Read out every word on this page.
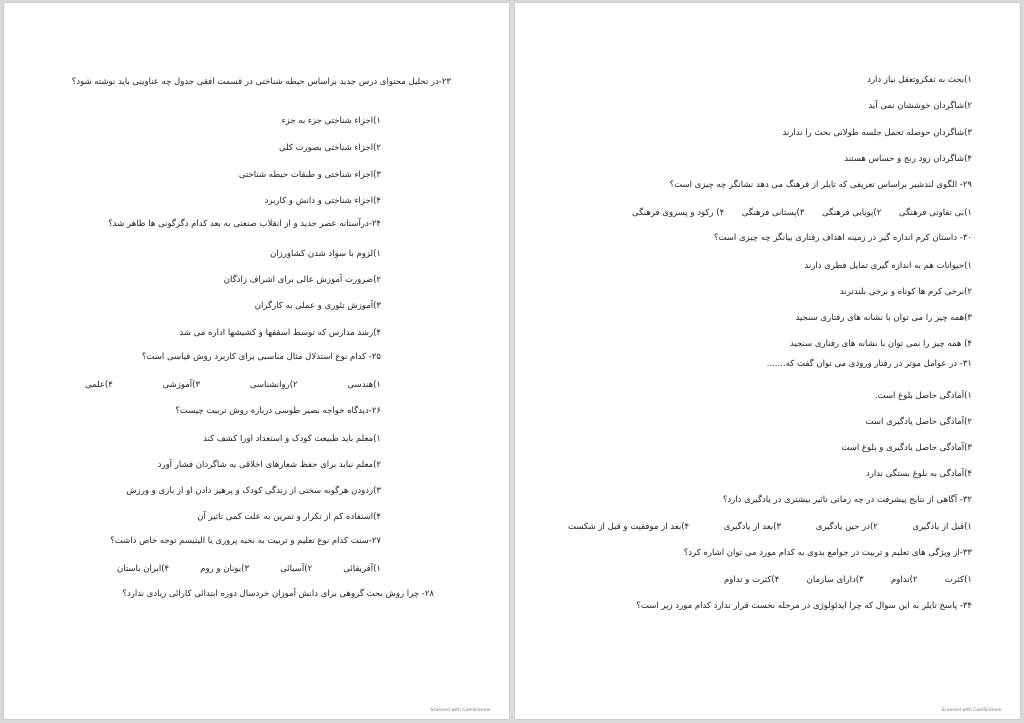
۲۳-در تحلیل محتوای درس جدید براساس حیطه شناختی در قسمت افقی جدول چه عناوینی باید نوشته شود؟
۱)اجزاء شناختی جزء به جزء
۲)اجزاء شناختی بصورت کلی
۳)اجزاء شناختی و طبقات حیطه شناختی
۴)اجزاء شناختی و دانش و کاربرد
۲۴-درآستانه عصر جدید و از انقلاب صنعتی به بعد کدام دگرگونی ها ظاهر شد؟
۱)لزوم با سواد شدن کشاورزان
۲)ضرورت آموزش عالی برای اشراف زادگان
۳)آموزش تئوری و عملی به کارگران
۴)رشد مدارس که توسط اسقفها و کشیشها اداره می شد
۲۵- کدام نوع استدلال مثال مناسبی برای کاربرد روش قیاسی است؟
۱)هندسی
۲)روانشناسی
۳)آموزشی
۴)علمی
۲۶-دیدگاه خواجه نصیر طوسی درباره روش تربیت چیست؟
۱)معلم باید طبیعت کودک و استعداد اورا کشف کند
۲)معلم نباید برای حفظ شعارهای اخلاقی به شاگردان فشار آورد
۳)زدودن هرگونه سختی از زندگی کودک و پرهیز دادن او از بازی و ورزش
۴)استفاده کم از تکرار و تمرین به علت کمی تاثیر آن
۲۷-سنت کدام نوع تعلیم و تربیت به نخبه پروری یا الیتیسم توجه خاص داشت؟
۱)آفریقائی
۲)آسیائی
۳)یونان و روم
۴)ایران باستان
۲۸- چرا روش بحث گروهی برای دانش آموزان خردسال دوره ابتدائی کارائی زیادی ندارد؟
Scanned with CamScanner
۱)بحث به تفکروتعقل نیاز دارد
۲)شاگردان خوششان نمی آید
۳)شاگردان حوصله تحمل جلسه طولانی بحث را ندارند
۴)شاگردان زود رنج و حساس هستند
۲۹- الگوی لندشیر براساس تعریفی که تایلر از فرهنگ می دهد نشانگر چه چیزی است؟
۱)بی تفاوتی فرهنگی
۲)پویایی فرهنگی
۳)پستانی فرهنگی
۴) رکود و پسروی فرهنگی
۳۰- داستان کرم اندازه گیر در زمینه اهداف رفتاری بیانگر چه چیزی است؟
۱)حیوانات هم به اندازه گیری تمایل فطری دارند
۲)برخی کرم ها کوتاه و برخی بلندترند
۳)همه چیز را می توان با نشانه های رفتاری سنجید
۴) همه چیز را نمی توان با نشانه های رفتاری سنجید
۳۱- در عوامل موثر در رفتار ورودی می توان گفت که.......
۱)آمادگی حاصل بلوغ است.
۲)آمادگی حاصل یادگیری است
۳)آمادگی حاصل یادگیری و بلوغ است
۴)آمادگی به بلوغ بستگی ندارد
۳۲- آگاهی از نتایج پیشرفت در چه زمانی تاثیر بیشتری در یادگیری دارد؟
۱)قبل از یادگیری
۲)در حین یادگیری
۳)بعد از یادگیری
۴)بعد از موفقیت و قبل از شکست
۳۳-از ویژگی های تعلیم و تربیت در جوامع بدوی به کدام مورد می توان اشاره کرد؟
۱)کثرت
۲)تداوم
۳)دارای سازمان
۴)کثرت و تداوم
۳۴- پاسخ تایلر به این سوال که چرا ایدئولوژی در مرحله نخست قرار ندارد کدام مورد زیر است؟
Scanned with CamScanner
